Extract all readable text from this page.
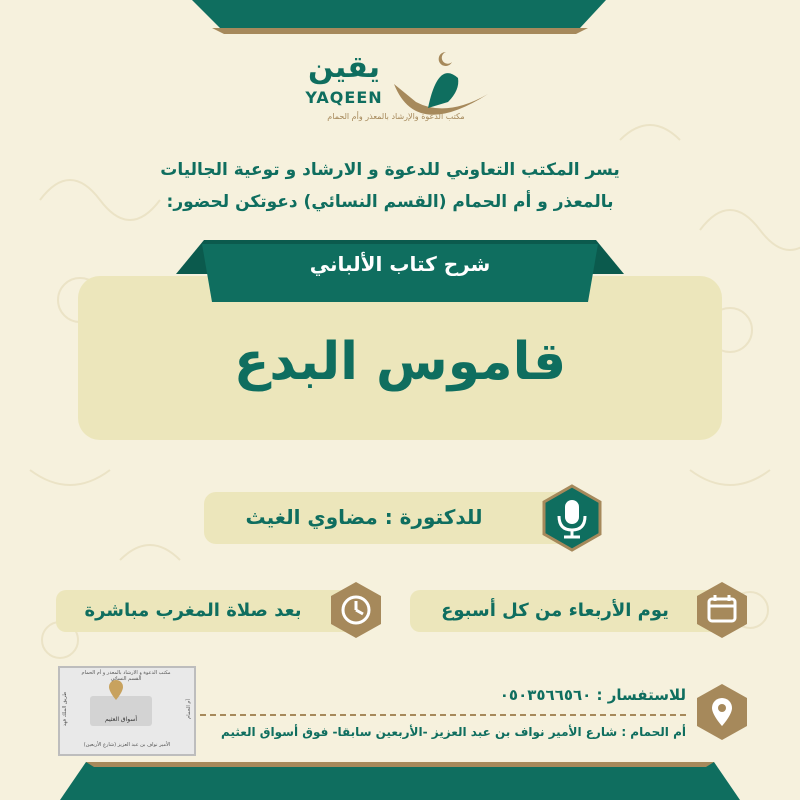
يقين
YAQEEN
مكتب الدعوة والإرشاد بالمعذر وأم الحمام
يسر المكتب التعاوني للدعوة و الارشاد و توعية الجاليات
بالمعذر و أم الحمام (القسم النسائي) دعوتكن لحضور:
شرح كتاب الألباني
قاموس البدع
للدكتورة : مضاوي الغيث
يوم الأربعاء من كل أسبوع
بعد صلاة المغرب مباشرة
للاستفسار : ٠٥٠٣٥٦٦٥٦٠
أم الحمام : شارع الأمير نواف بن عبد العزيز -الأربعين سابقا- فوق أسواق العثيم
مكتب الدعوة و الارشاد بالمعذر و أم الحمام القسم النسائي
أسواق العثيم
طريق الملك فهد	أم الحمام
الأمير نواف بن عبد العزيز (شارع الأربعين)
